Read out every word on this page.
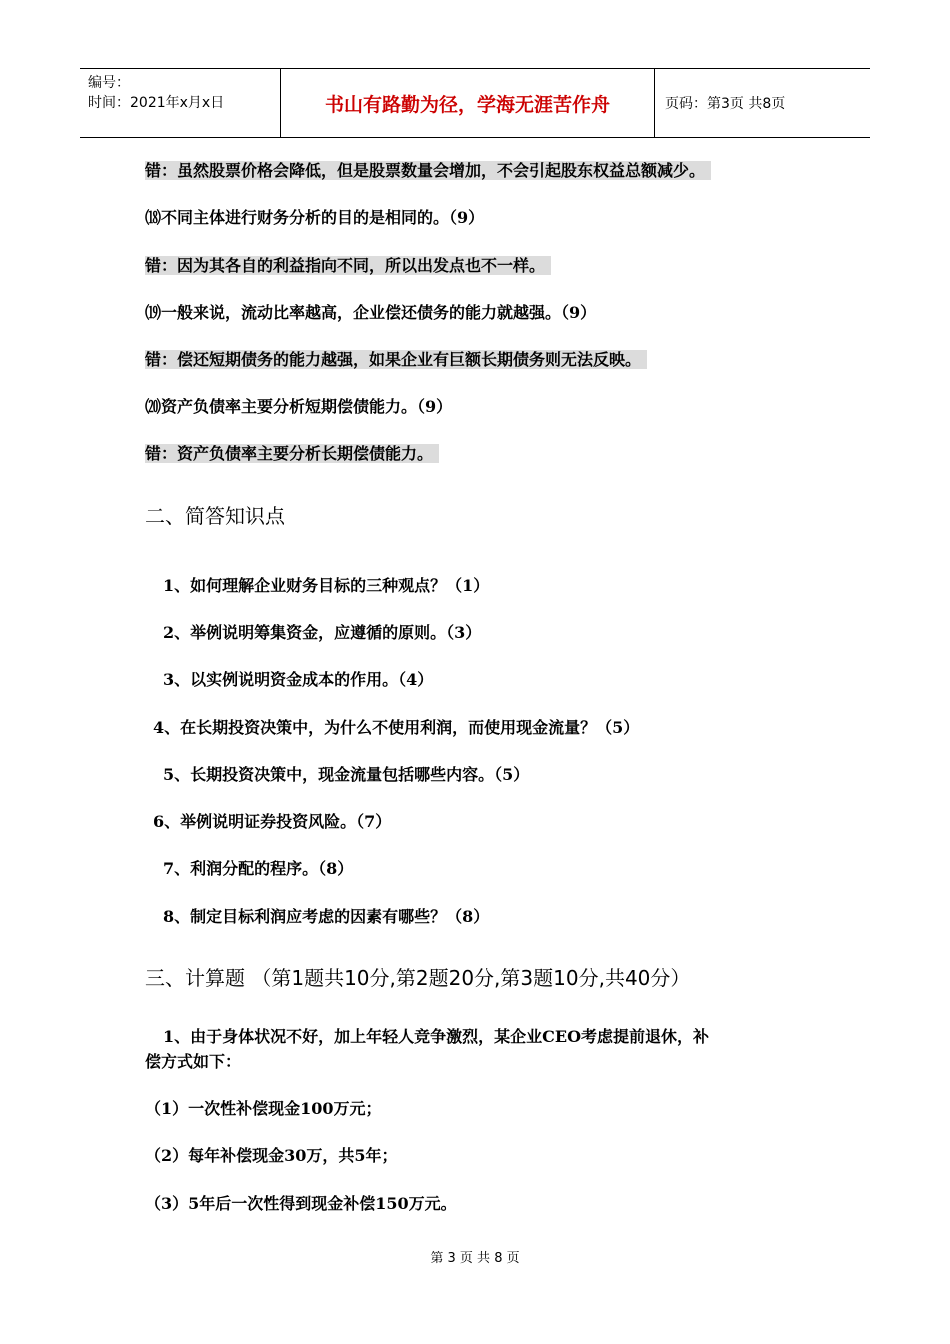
编号：
时间：2021年x月x日	书山有路勤为径，学海无涯苦作舟	页码：第3页 共8页
错：虽然股票价格会降低，但是股票数量会增加，不会引起股东权益总额减少。
⒅不同主体进行财务分析的目的是相同的。（9）
错：因为其各自的利益指向不同，所以出发点也不一样。
⒆一般来说，流动比率越高，企业偿还债务的能力就越强。（9）
错：偿还短期债务的能力越强，如果企业有巨额长期债务则无法反映。
⒇资产负债率主要分析短期偿债能力。（9）
错：资产负债率主要分析长期偿债能力。
二、简答知识点
1、如何理解企业财务目标的三种观点？（1）
2、举例说明筹集资金，应遵循的原则。（3）
3、以实例说明资金成本的作用。（4）
4、在长期投资决策中，为什么不使用利润，而使用现金流量？（5）
5、长期投资决策中，现金流量包括哪些内容。（5）
6、举例说明证券投资风险。（7）
7、利润分配的程序。（8）
8、制定目标利润应考虑的因素有哪些？（8）
三、计算题 （第1题共10分,第2题20分,第3题10分,共40分）
1、由于身体状况不好，加上年轻人竞争激烈，某企业CEO考虑提前退休，补
偿方式如下：
（1）一次性补偿现金100万元；
（2）每年补偿现金30万，共5年；
（3）5年后一次性得到现金补偿150万元。
第 3 页 共 8 页
